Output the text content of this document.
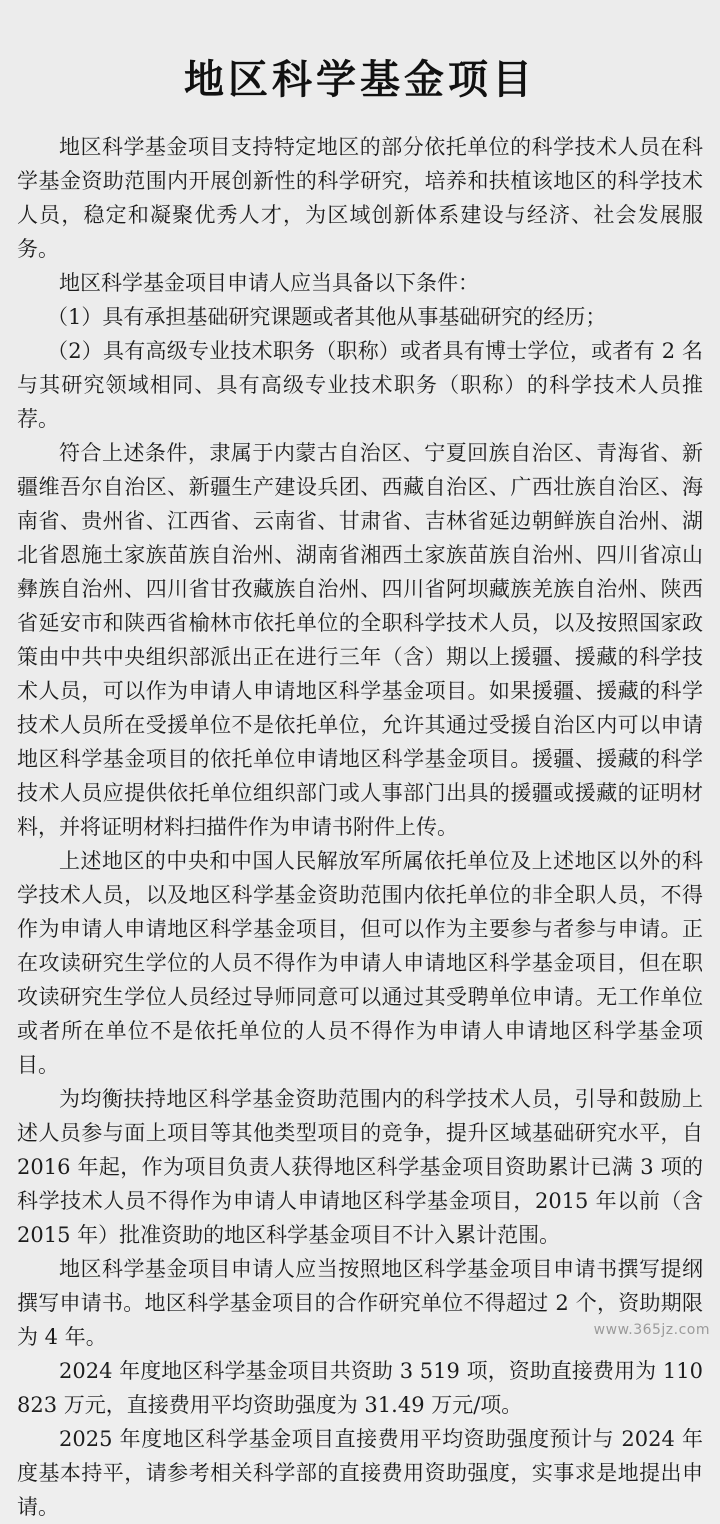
地区科学基金项目

地区科学基金项目支持特定地区的部分依托单位的科学技术人员在科学基金资助范围内开展创新性的科学研究，培养和扶植该地区的科学技术人员，稳定和凝聚优秀人才，为区域创新体系建设与经济、社会发展服务。

地区科学基金项目申请人应当具备以下条件：

（1）具有承担基础研究课题或者其他从事基础研究的经历；

（2）具有高级专业技术职务（职称）或者具有博士学位，或者有 2 名与其研究领域相同、具有高级专业技术职务（职称）的科学技术人员推荐。

符合上述条件，隶属于内蒙古自治区、宁夏回族自治区、青海省、新疆维吾尔自治区、新疆生产建设兵团、西藏自治区、广西壮族自治区、海南省、贵州省、江西省、云南省、甘肃省、吉林省延边朝鲜族自治州、湖北省恩施土家族苗族自治州、湖南省湘西土家族苗族自治州、四川省凉山彝族自治州、四川省甘孜藏族自治州、四川省阿坝藏族羌族自治州、陕西省延安市和陕西省榆林市依托单位的全职科学技术人员，以及按照国家政策由中共中央组织部派出正在进行三年（含）期以上援疆、援藏的科学技术人员，可以作为申请人申请地区科学基金项目。如果援疆、援藏的科学技术人员所在受援单位不是依托单位，允许其通过受援自治区内可以申请地区科学基金项目的依托单位申请地区科学基金项目。援疆、援藏的科学技术人员应提供依托单位组织部门或人事部门出具的援疆或援藏的证明材料，并将证明材料扫描件作为申请书附件上传。

上述地区的中央和中国人民解放军所属依托单位及上述地区以外的科学技术人员，以及地区科学基金资助范围内依托单位的非全职人员，不得作为申请人申请地区科学基金项目，但可以作为主要参与者参与申请。正在攻读研究生学位的人员不得作为申请人申请地区科学基金项目，但在职攻读研究生学位人员经过导师同意可以通过其受聘单位申请。无工作单位或者所在单位不是依托单位的人员不得作为申请人申请地区科学基金项目。

为均衡扶持地区科学基金资助范围内的科学技术人员，引导和鼓励上述人员参与面上项目等其他类型项目的竞争，提升区域基础研究水平，自 2016 年起，作为项目负责人获得地区科学基金项目资助累计已满 3 项的科学技术人员不得作为申请人申请地区科学基金项目，2015 年以前（含 2015 年）批准资助的地区科学基金项目不计入累计范围。

地区科学基金项目申请人应当按照地区科学基金项目申请书撰写提纲撰写申请书。地区科学基金项目的合作研究单位不得超过 2 个，资助期限为 4 年。

2024 年度地区科学基金项目共资助 3 519 项，资助直接费用为 110 823 万元，直接费用平均资助强度为 31.49 万元/项。

2025 年度地区科学基金项目直接费用平均资助强度预计与 2024 年度基本持平，请参考相关科学部的直接费用资助强度，实事求是地提出申请。

www.365jz.com
